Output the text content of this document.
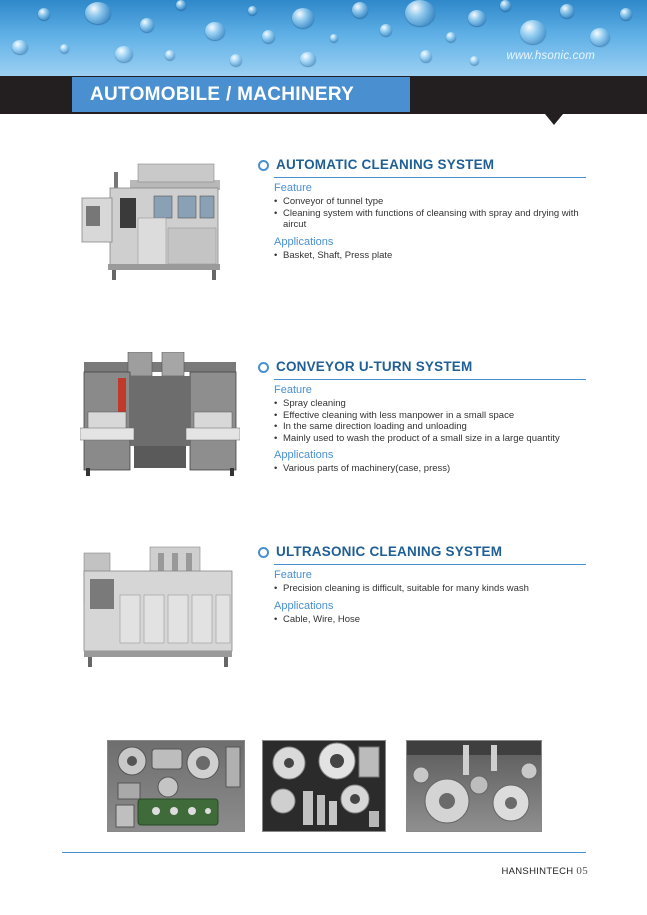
www.hsonic.com
AUTOMOBILE / MACHINERY
AUTOMATIC CLEANING SYSTEM
Feature
• Conveyor of tunnel type
• Cleaning system with functions of cleansing with spray and drying with aircut
Applications
• Basket, Shaft, Press plate
CONVEYOR U-TURN SYSTEM
Feature
• Spray cleaning
• Effective cleaning with less manpower in a small space
• In the same direction loading and unloading
• Mainly used to wash the product of a small size in a large quantity
Applications
• Various parts of machinery(case, press)
ULTRASONIC CLEANING SYSTEM
Feature
• Precision cleaning is difficult, suitable for many kinds wash
Applications
• Cable, Wire, Hose
HANSHINTECH 05
